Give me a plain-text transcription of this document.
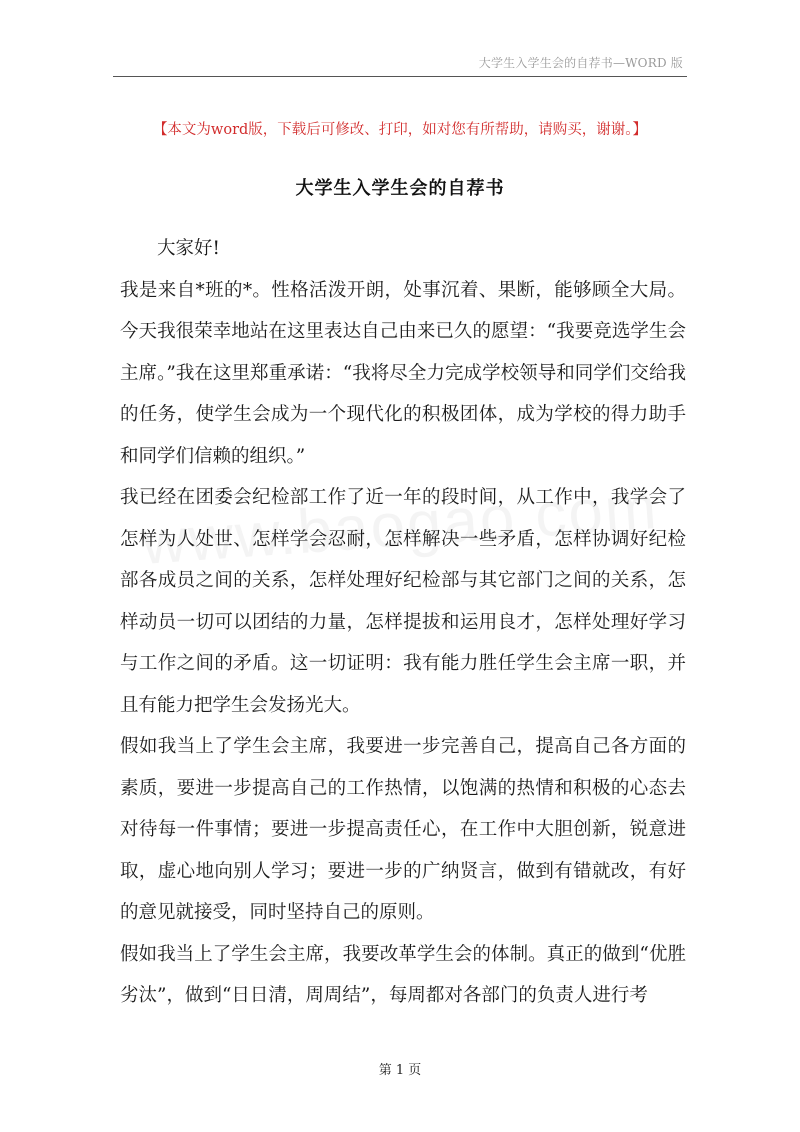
大学生入学生会的自荐书—WORD 版
【本文为word版，下载后可修改、打印，如对您有所帮助，请购买，谢谢。】
大学生入学生会的自荐书

大家好!

我是来自*班的*。性格活泼开朗，处事沉着、果断，能够顾全大局。今天我很荣幸地站在这里表达自己由来已久的愿望：“我要竞选学生会主席。”我在这里郑重承诺：“我将尽全力完成学校领导和同学们交给我的任务，使学生会成为一个现代化的积极团体，成为学校的得力助手和同学们信赖的组织。”

我已经在团委会纪检部工作了近一年的段时间，从工作中，我学会了怎样为人处世、怎样学会忍耐，怎样解决一些矛盾，怎样协调好纪检部各成员之间的关系，怎样处理好纪检部与其它部门之间的关系，怎样动员一切可以团结的力量，怎样提拔和运用良才，怎样处理好学习与工作之间的矛盾。这一切证明：我有能力胜任学生会主席一职，并且有能力把学生会发扬光大。

假如我当上了学生会主席，我要进一步完善自己，提高自己各方面的素质，要进一步提高自己的工作热情，以饱满的热情和积极的心态去对待每一件事情；要进一步提高责任心，在工作中大胆创新，锐意进取，虚心地向别人学习；要进一步的广纳贤言，做到有错就改，有好的意见就接受，同时坚持自己的原则。

假如我当上了学生会主席，我要改革学生会的体制。真正的做到“优胜劣汰”，做到“日日清，周周结”，每周都对各部门的负责人进行考

第 1 页
